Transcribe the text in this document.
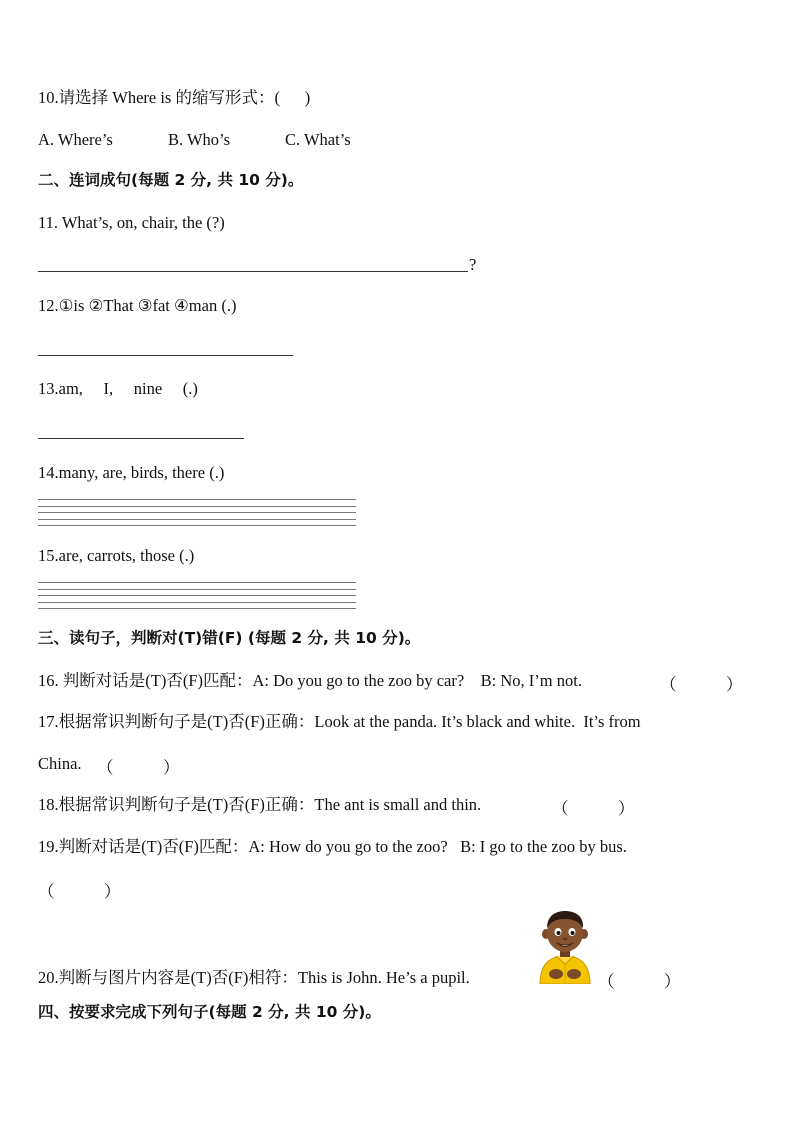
10.请选择 Where is 的缩写形式：(      )
A. Where’s	B. Who’s	C. What’s
二、连词成句(每题 2 分, 共 10 分)。
11. What’s, on, chair, the (?)
?
12.①is ②That ③fat ④man (.)
13.am,     I,     nine     (.)
14.many, are, birds, there (.)
15.are, carrots, those (.)
三、读句子，判断对(T)错(F) (每题 2 分, 共 10 分)。
16. 判断对话是(T)否(F)匹配：A: Do you go to the zoo by car?    B: No, I’m not.	（            ）
17.根据常识判断句子是(T)否(F)正确：Look at the panda. It’s black and white.  It’s from
China. （            ）
18.根据常识判断句子是(T)否(F)正确：The ant is small and thin.	（            ）
19.判断对话是(T)否(F)匹配：A: How do you go to the zoo?   B: I go to the zoo by bus.
（            ）
20.判断与图片内容是(T)否(F)相符：This is John. He’s a pupil.	（            ）
四、按要求完成下列句子(每题 2 分, 共 10 分)。
